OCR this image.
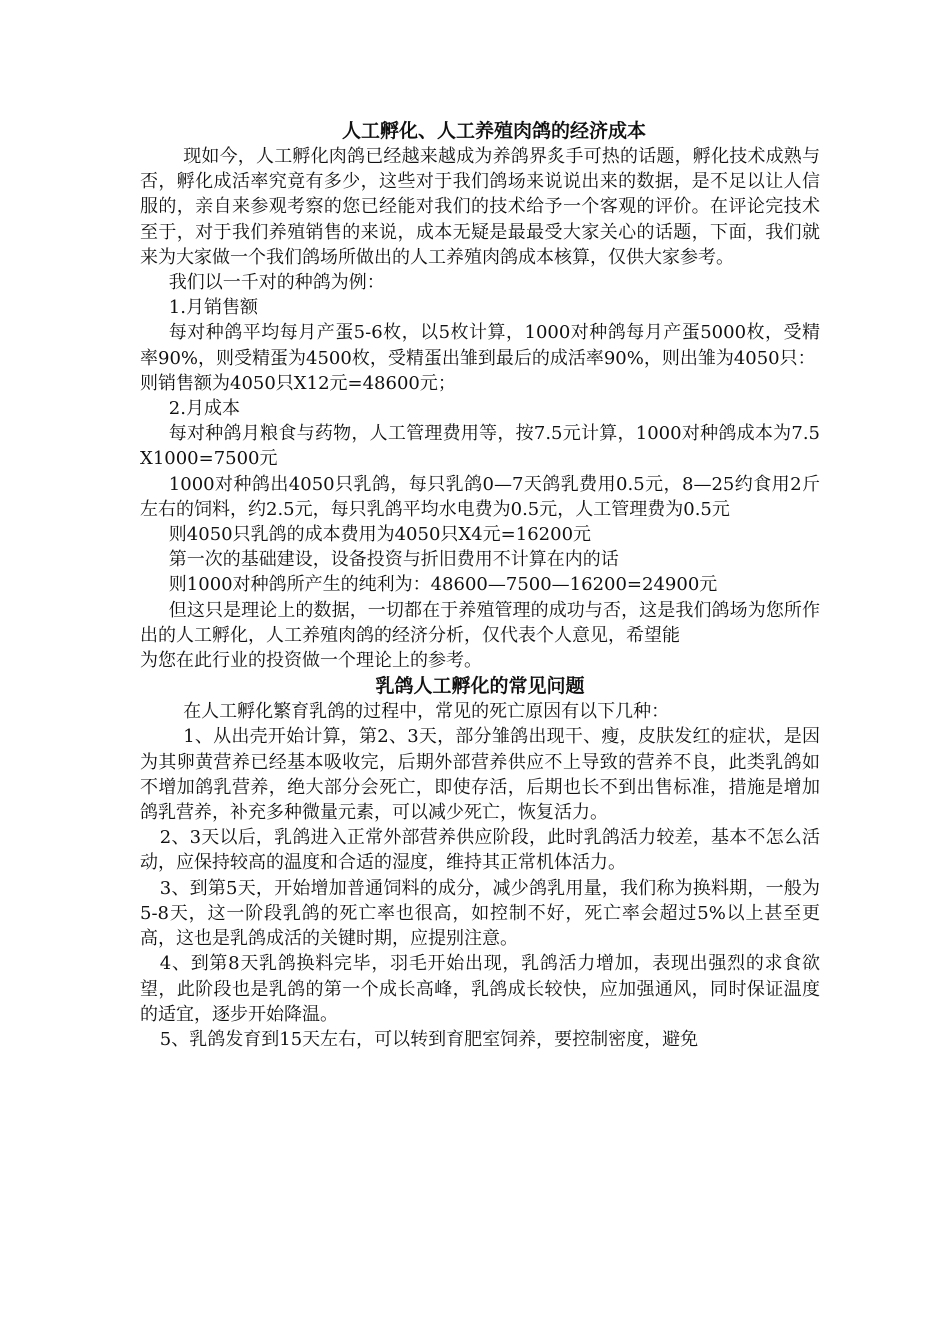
人工孵化、人工养殖肉鸽的经济成本

现如今，人工孵化肉鸽已经越来越成为养鸽界炙手可热的话题，孵化技术成熟与否，孵化成活率究竟有多少，这些对于我们鸽场来说说出来的数据，是不足以让人信服的，亲自来参观考察的您已经能对我们的技术给予一个客观的评价。在评论完技术至于，对于我们养殖销售的来说，成本无疑是最最受大家关心的话题，下面，我们就来为大家做一个我们鸽场所做出的人工养殖肉鸽成本核算，仅供大家参考。

我们以一千对的种鸽为例：

1.月销售额

每对种鸽平均每月产蛋5-6枚，以5枚计算，1000对种鸽每月产蛋5000枚，受精率90%，则受精蛋为4500枚，受精蛋出雏到最后的成活率90%，则出雏为4050只：

则销售额为4050只X12元=48600元；

2.月成本

每对种鸽月粮食与药物，人工管理费用等，按7.5元计算，1000对种鸽成本为7.5X1000=7500元

1000对种鸽出4050只乳鸽，每只乳鸽0—7天鸽乳费用0.5元，8—25约食用2斤左右的饲料，约2.5元，每只乳鸽平均水电费为0.5元，人工管理费为0.5元

则4050只乳鸽的成本费用为4050只X4元=16200元

第一次的基础建设，设备投资与折旧费用不计算在内的话

则1000对种鸽所产生的纯利为：48600—7500—16200=24900元

但这只是理论上的数据，一切都在于养殖管理的成功与否，这是我们鸽场为您所作出的人工孵化，人工养殖肉鸽的经济分析，仅代表个人意见，希望能

为您在此行业的投资做一个理论上的参考。

乳鸽人工孵化的常见问题

在人工孵化繁育乳鸽的过程中，常见的死亡原因有以下几种：

1、从出壳开始计算，第2、3天，部分雏鸽出现干、瘦，皮肤发红的症状，是因为其卵黄营养已经基本吸收完，后期外部营养供应不上导致的营养不良，此类乳鸽如不增加鸽乳营养，绝大部分会死亡，即使存活，后期也长不到出售标准，措施是增加鸽乳营养，补充多种微量元素，可以减少死亡，恢复活力。

2、3天以后，乳鸽进入正常外部营养供应阶段，此时乳鸽活力较差，基本不怎么活动，应保持较高的温度和合适的湿度，维持其正常机体活力。

3、到第5天，开始增加普通饲料的成分，减少鸽乳用量，我们称为换料期，一般为5-8天，这一阶段乳鸽的死亡率也很高，如控制不好，死亡率会超过5%以上甚至更高，这也是乳鸽成活的关键时期，应提别注意。

4、到第8天乳鸽换料完毕，羽毛开始出现，乳鸽活力增加，表现出强烈的求食欲望，此阶段也是乳鸽的第一个成长高峰，乳鸽成长较快，应加强通风，同时保证温度的适宜，逐步开始降温。

5、乳鸽发育到15天左右，可以转到育肥室饲养，要控制密度，避免
